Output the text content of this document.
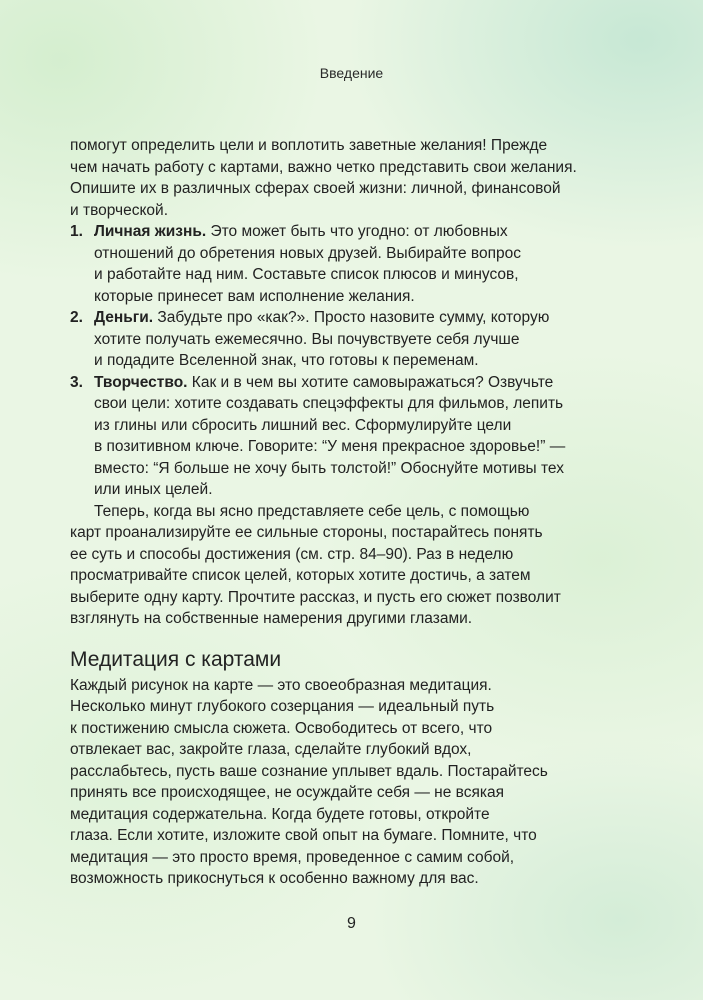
Введение

помогут определить цели и воплотить заветные желания! Прежде
чем начать работу с картами, важно четко представить свои желания.
Опишите их в различных сферах своей жизни: личной, финансовой
и творческой.

1. Личная жизнь. Это может быть что угодно: от любовных
отношений до обретения новых друзей. Выбирайте вопрос
и работайте над ним. Составьте список плюсов и минусов,
которые принесет вам исполнение желания.
2. Деньги. Забудьте про «как?». Просто назовите сумму, которую
хотите получать ежемесячно. Вы почувствуете себя лучше
и подадите Вселенной знак, что готовы к переменам.
3. Творчество. Как и в чем вы хотите самовыражаться? Озвучьте
свои цели: хотите создавать спецэффекты для фильмов, лепить
из глины или сбросить лишний вес. Сформулируйте цели
в позитивном ключе. Говорите: “У меня прекрасное здоровье!” —
вместо: “Я больше не хочу быть толстой!” Обоснуйте мотивы тех
или иных целей.

Теперь, когда вы ясно представляете себе цель, с помощью
карт проанализируйте ее сильные стороны, постарайтесь понять
ее суть и способы достижения (см. стр. 84–90). Раз в неделю
просматривайте список целей, которых хотите достичь, а затем
выберите одну карту. Прочтите рассказ, и пусть его сюжет позволит
взглянуть на собственные намерения другими глазами.

Медитация с картами

Каждый рисунок на карте — это своеобразная медитация.
Несколько минут глубокого созерцания — идеальный путь
к постижению смысла сюжета. Освободитесь от всего, что
отвлекает вас, закройте глаза, сделайте глубокий вдох,
расслабьтесь, пусть ваше сознание уплывет вдаль. Постарайтесь
принять все происходящее, не осуждайте себя — не всякая
медитация содержательна. Когда будете готовы, откройте
глаза. Если хотите, изложите свой опыт на бумаге. Помните, что
медитация — это просто время, проведенное с самим собой,
возможность прикоснуться к особенно важному для вас.

9
